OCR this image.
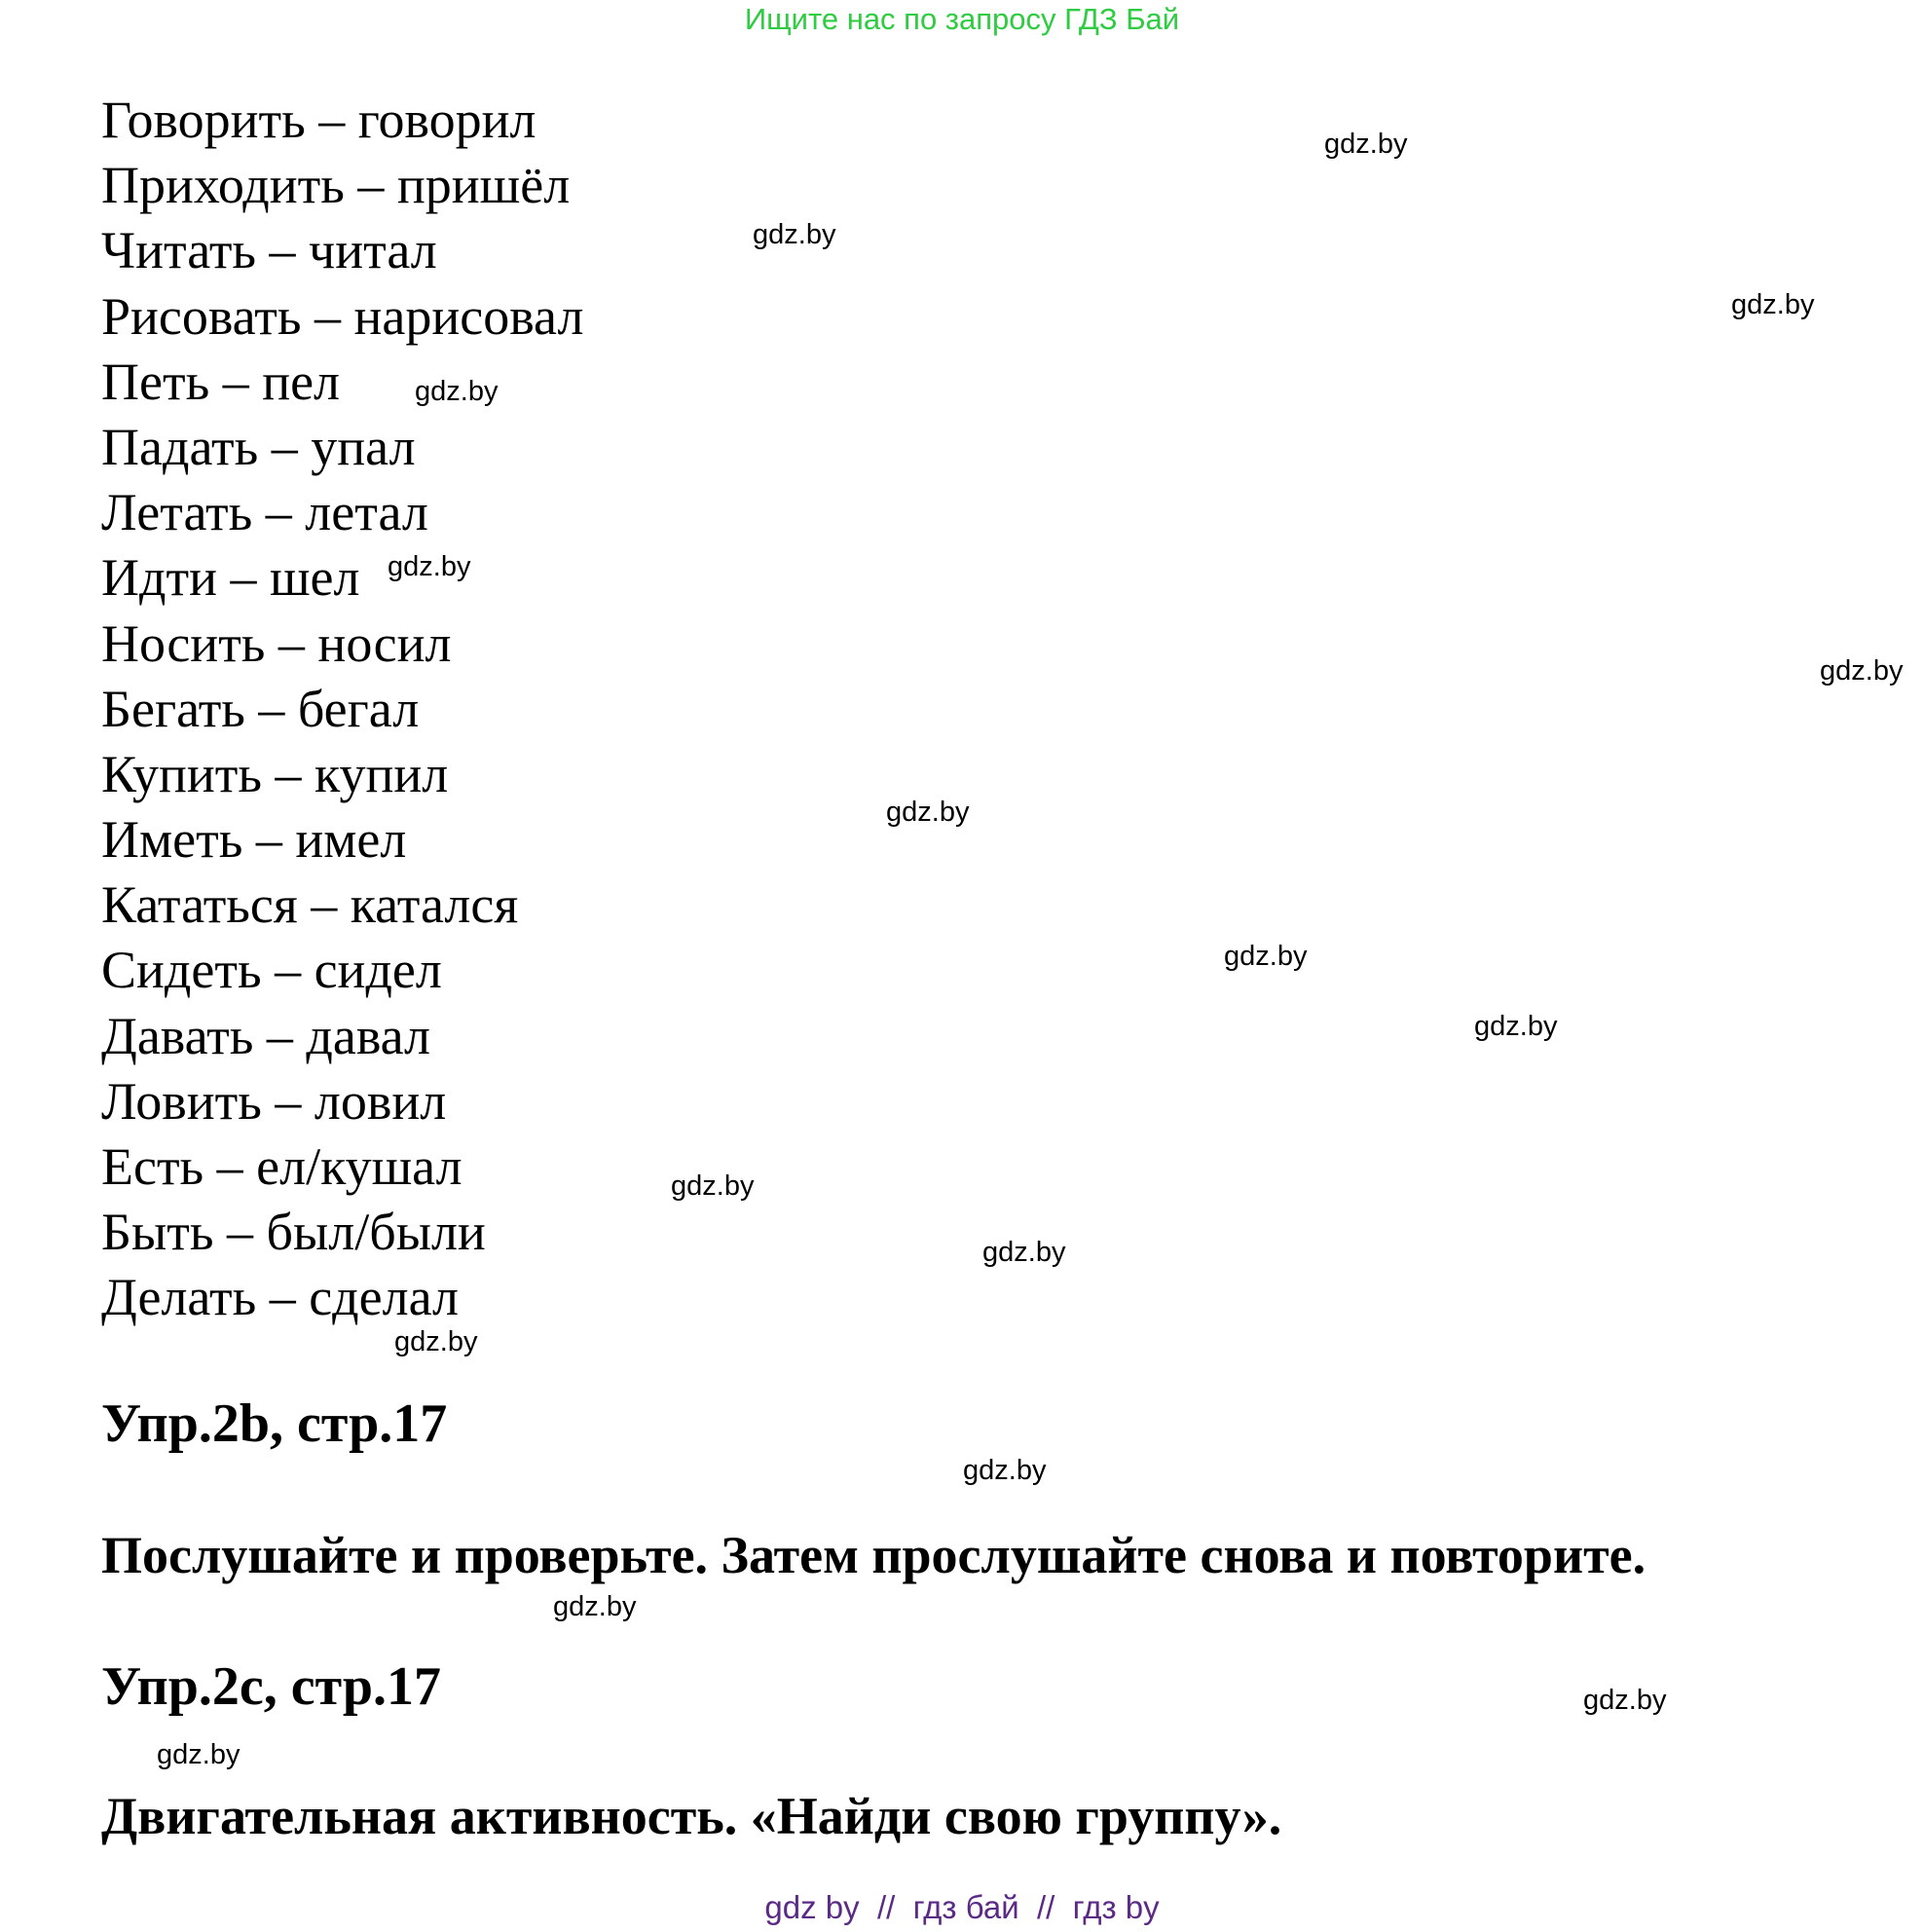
Ищите нас по запросу ГДЗ Бай
Говорить – говорил
Приходить – пришёл
Читать – читал
Рисовать – нарисовал
Петь – пел
Падать – упал
Летать – летал
Идти – шел
Носить – носил
Бегать – бегал
Купить – купил
Иметь – имел
Кататься – катался
Сидеть – сидел
Давать – давал
Ловить – ловил
Есть – ел/кушал
Быть – был/были
Делать – сделал
Упр.2b, стр.17
Послушайте и проверьте. Затем прослушайте снова и повторите.
Упр.2c, стр.17
Двигательная активность. «Найди свою группу».
gdz.by
gdz.by
gdz.by
gdz.by
gdz.by
gdz.by
gdz.by
gdz.by
gdz.by
gdz.by
gdz.by
gdz.by
gdz.by
gdz.by
gdz.by
gdz.by
gdz by  //  гдз бай  //  гдз by
